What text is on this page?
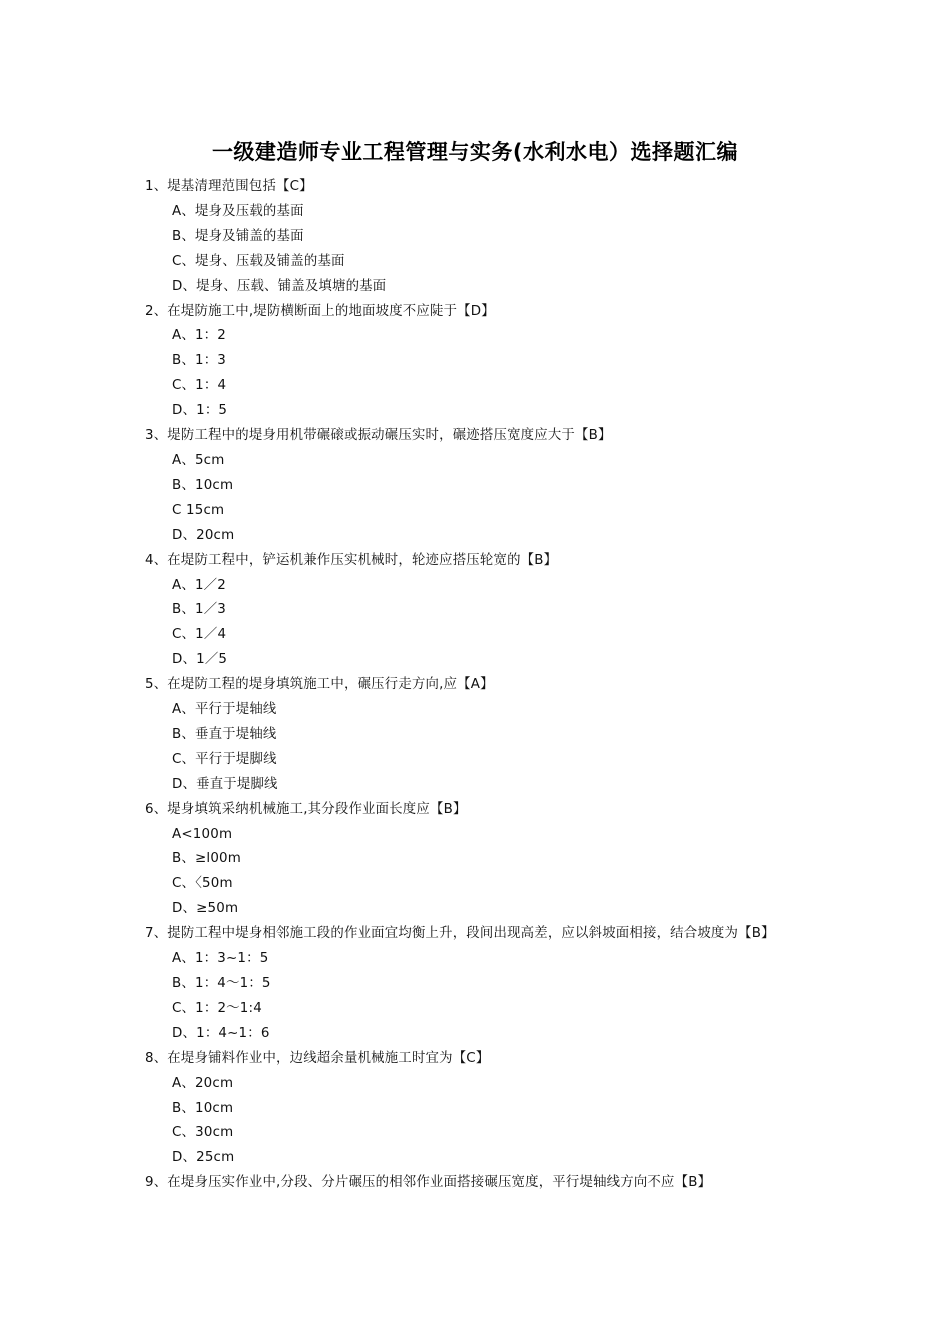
一级建造师专业工程管理与实务(水利水电）选择题汇编
1、堤基清理范围包括【C】
A、堤身及压载的基面
B、堤身及铺盖的基面
C、堤身、压载及铺盖的基面
D、堤身、压载、铺盖及填塘的基面
2、在堤防施工中,堤防横断面上的地面坡度不应陡于【D】
A、1：2
B、1：3
C、1：4
D、1：5
3、堤防工程中的堤身用机带碾磙或振动碾压实时，碾迹搭压宽度应大于【B】
A、5cm
B、10cm
C 15cm
D、20cm
4、在堤防工程中，铲运机兼作压实机械时，轮迹应搭压轮宽的【B】
A、1／2
B、1／3
C、1／4
D、1／5
5、在堤防工程的堤身填筑施工中，碾压行走方向,应【A】
A、平行于堤轴线
B、垂直于堤轴线
C、平行于堤脚线
D、垂直于堤脚线
6、堤身填筑采纳机械施工,其分段作业面长度应【B】
A<100m
B、≥l00m
C、〈50m
D、≥50m
7、提防工程中堤身相邻施工段的作业面宜均衡上升，段间出现高差，应以斜坡面相接，结合坡度为【B】
A、1：3~1：5
B、1：4～1：5
C、1：2～1:4
D、1：4~1：6
8、在堤身铺料作业中，边线超余量机械施工时宜为【C】
A、20cm
B、10cm
C、30cm
D、25cm
9、在堤身压实作业中,分段、分片碾压的相邻作业面搭接碾压宽度，平行堤轴线方向不应【B】
